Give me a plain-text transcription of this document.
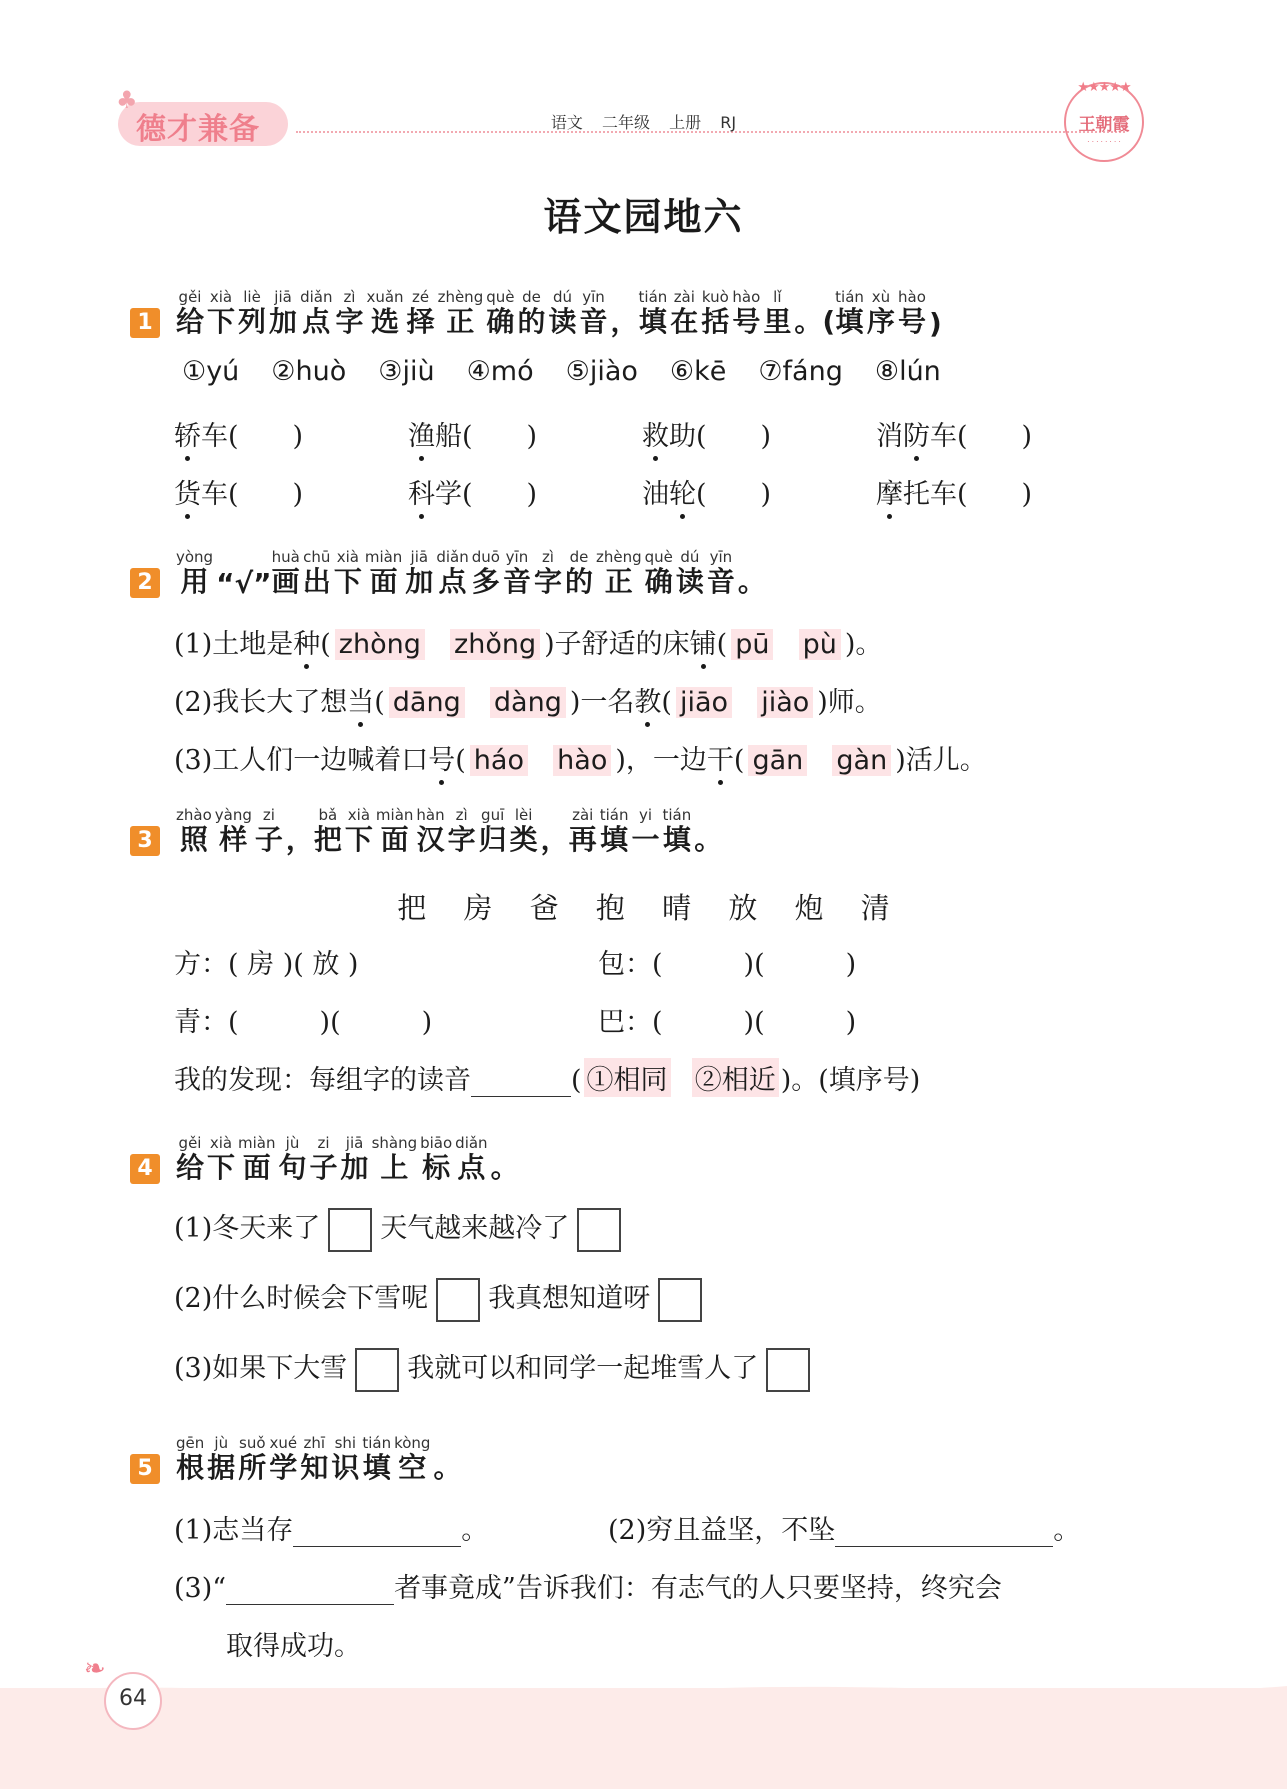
♣
德才兼备	语文 二年级 上册 RJ
★★★★★
王朝霞
· · · · · · · ·
语文园地六
1 给gěi
下xià
列liè
加jiā
点diǎn
字zì
选xuǎn
择zé
正zhèng
确què
的de
读dú
音yīn
， 填tián
在zài
括kuò
号hào
里lǐ
。( 填tián
序xù
号hào
)
①yú ②huò ③jiù ④mó ⑤jiào ⑥kē ⑦fáng ⑧lún
轿车(　　)	渔船(　　)	救助(　　)	消防车(　　)
货车(　　)	科学(　　)	油轮(　　)	摩托车(　　)
2 用yòng
“√” 画huà
出chū
下xià
面miàn
加jiā
点diǎn
多duō
音yīn
字zì
的de
正zhèng
确què
读dú
音yīn
。
(1)土地是种( zhòng zhǒng )子舒适的床铺( pū pù )。
(2)我长大了想当( dāng dàng )一名教( jiāo jiào )师。
(3)工人们一边喊着口号( háo hào )，一边干( gān gàn )活儿。
3 照zhào
样yàng
子zi
， 把bǎ
下xià
面miàn
汉hàn
字zì
归guī
类lèi
， 再zài
填tián
一yi
填tián
。
把 房 爸 抱 晴 放 炮 清
方：( 房 )( 放 )	包：(　　　)(　　　)
青：(　　　)(　　　)	巴：(　　　)(　　　)
我的发现：每组字的读音	( ①相同 ②相近 )。(填序号)
4 给gěi
下xià
面miàn
句jù
子zi
加jiā
上shàng
标biāo
点diǎn
。
(1)冬天来了 天气越来越冷了
(2)什么时候会下雪呢 我真想知道呀
(3)如果下大雪 我就可以和同学一起堆雪人了
5 根gēn
据jù
所suǒ
学xué
知zhī
识shi
填tián
空kòng
。
(1)志当存	。	(2)穷且益坚，不坠	。
(3)“	者事竟成”告诉我们：有志气的人只要坚持，终究会
取得成功。
❧
64
